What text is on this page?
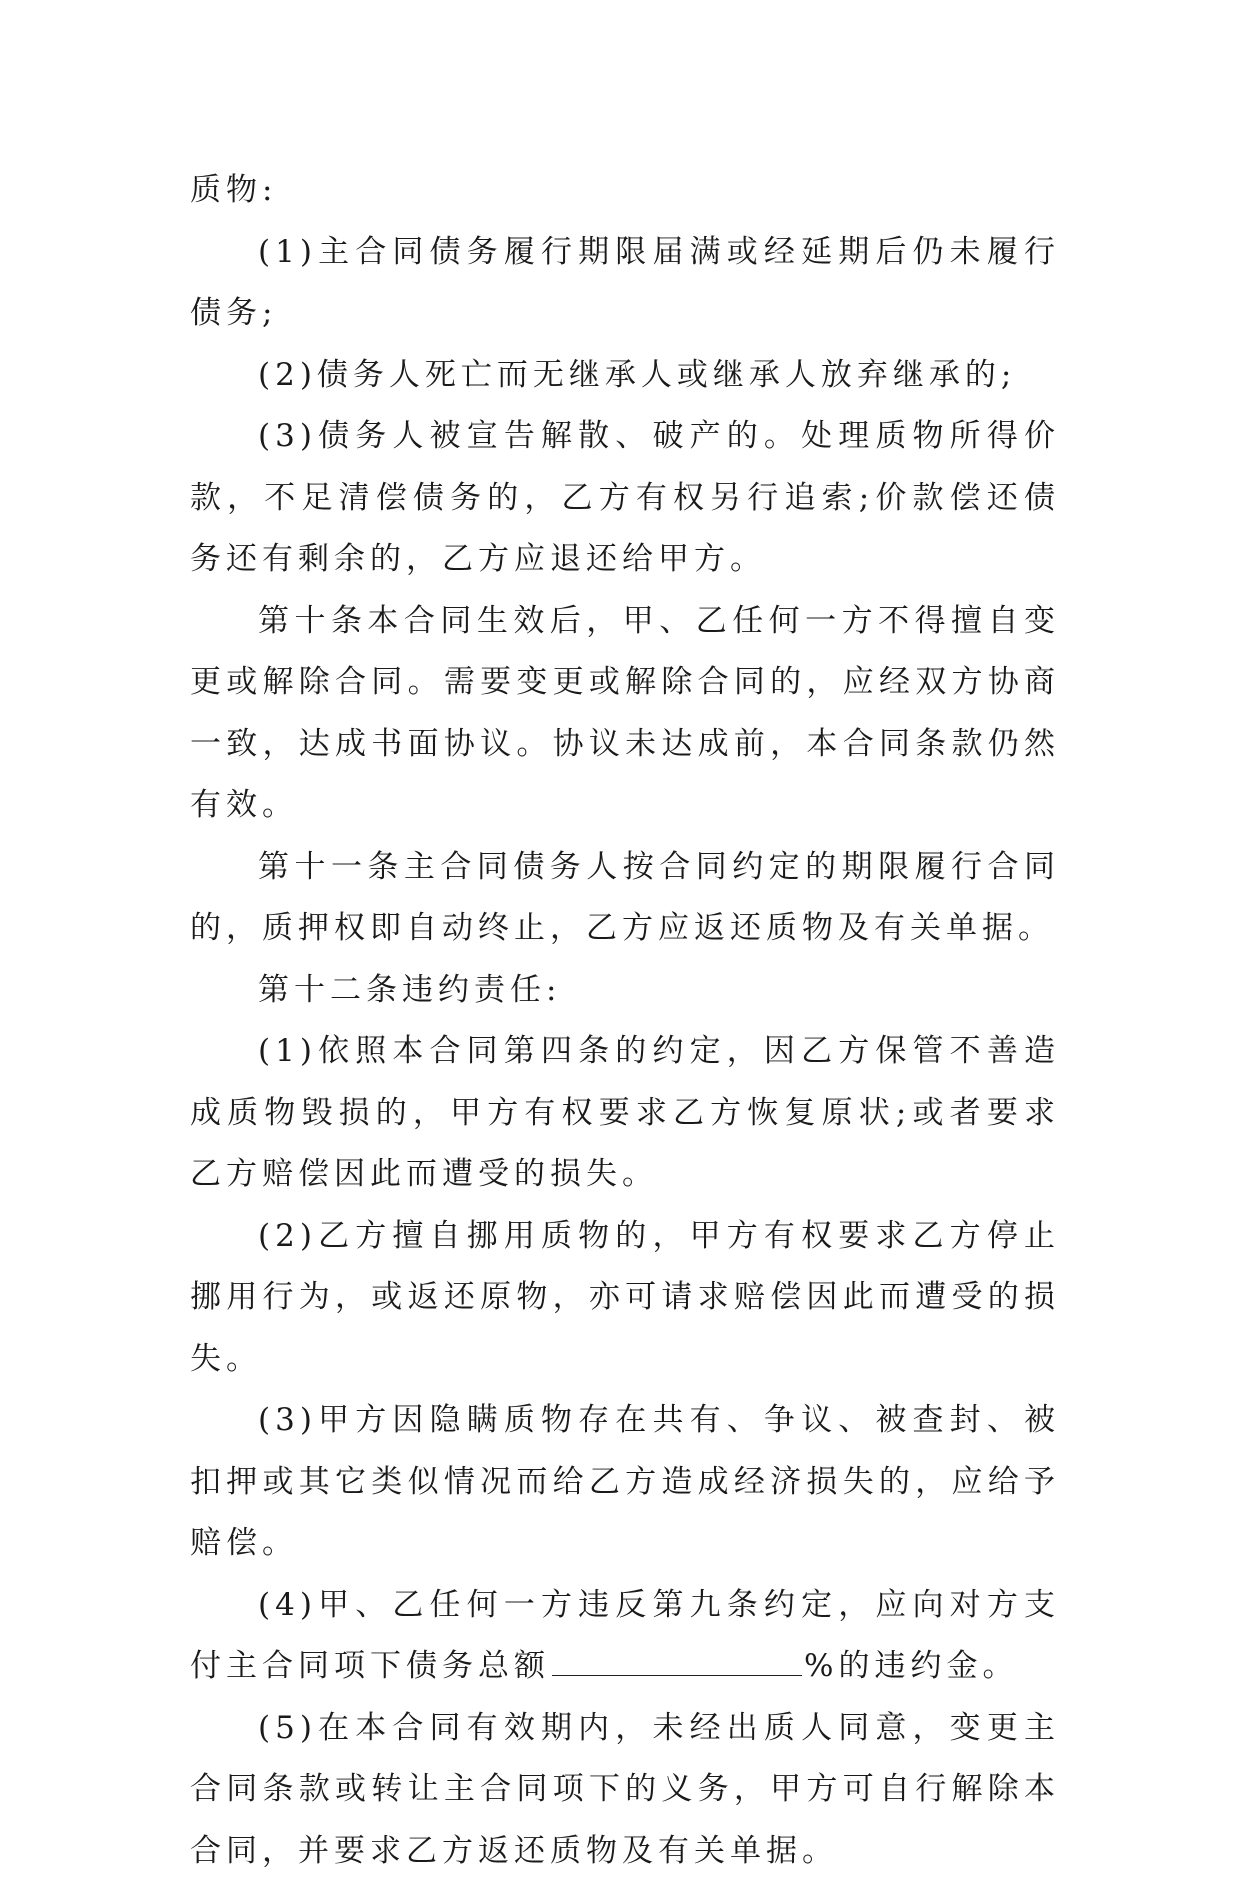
质物:

(1)主合同债务履行期限届满或经延期后仍未履行债务;

(2)债务人死亡而无继承人或继承人放弃继承的;

(3)债务人被宣告解散、破产的。处理质物所得价款，不足清偿债务的，乙方有权另行追索;价款偿还债务还有剩余的，乙方应退还给甲方。

第十条本合同生效后，甲、乙任何一方不得擅自变更或解除合同。需要变更或解除合同的，应经双方协商一致，达成书面协议。协议未达成前，本合同条款仍然有效。

第十一条主合同债务人按合同约定的期限履行合同的，质押权即自动终止，乙方应返还质物及有关单据。

第十二条违约责任:

(1)依照本合同第四条的约定，因乙方保管不善造成质物毁损的，甲方有权要求乙方恢复原状;或者要求乙方赔偿因此而遭受的损失。

(2)乙方擅自挪用质物的，甲方有权要求乙方停止挪用行为，或返还原物，亦可请求赔偿因此而遭受的损失。

(3)甲方因隐瞒质物存在共有、争议、被查封、被扣押或其它类似情况而给乙方造成经济损失的，应给予赔偿。

(4)甲、乙任何一方违反第九条约定，应向对方支付主合同项下债务总额	%的违约金。

(5)在本合同有效期内，未经出质人同意，变更主合同条款或转让主合同项下的义务，甲方可自行解除本合同，并要求乙方返还质物及有关单据。
